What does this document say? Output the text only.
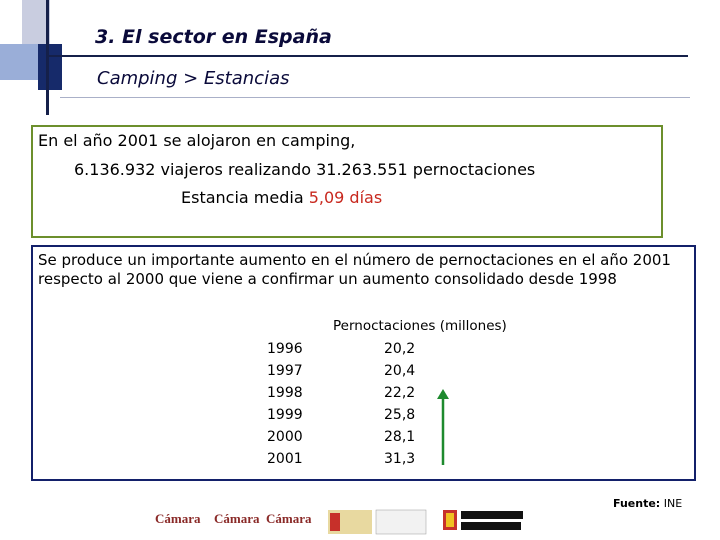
3. El sector en España
Camping > Estancias
En el año 2001 se alojaron en camping,
6.136.932 viajeros realizando 31.263.551 pernoctaciones
Estancia media 5,09 días
Se produce un importante aumento en el número de pernoctaciones en el año 2001 respecto al 2000 que viene a confirmar un aumento consolidado desde 1998
Pernoctaciones (millones)
1996	20,2
1997	20,4
1998	22,2
1999	25,8
2000	28,1
2001	31,3
Fuente: INE
Cámara Cámara Cámara
